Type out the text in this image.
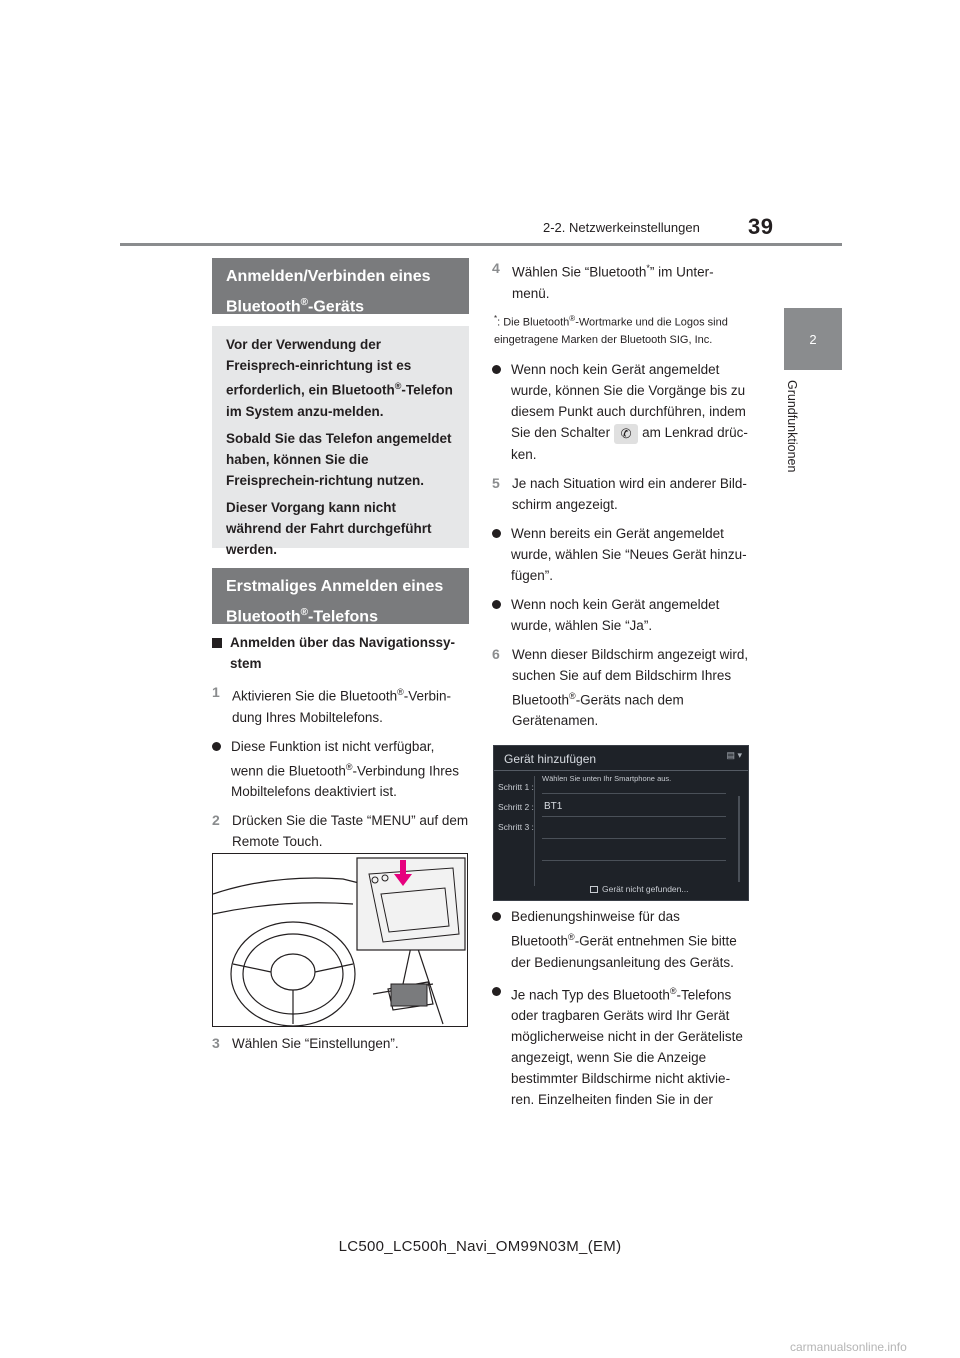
2-2. Netzwerkeinstellungen 39
2
Grundfunktionen
Anmelden/Verbinden eines
Bluetooth®-Geräts

Vor der Verwendung der Freisprech-einrichtung ist es erforderlich, ein Bluetooth®-Telefon im System anzu-melden.

Sobald Sie das Telefon angemeldet haben, können Sie die Freisprechein-richtung nutzen.

Dieser Vorgang kann nicht während der Fahrt durchgeführt werden.

Erstmaliges Anmelden eines
Bluetooth®-Telefons
Anmelden über das Navigationssy-stem
1 Aktivieren Sie die Bluetooth®-Verbin-dung Ihres Mobiltelefons.
Diese Funktion ist nicht verfügbar, wenn die Bluetooth®-Verbindung Ihres Mobiltelefons deaktiviert ist.
2 Drücken Sie die Taste “MENU” auf dem Remote Touch.
3 Wählen Sie “Einstellungen”.
4 Wählen Sie “Bluetooth*” im Unter-menü.
*: Die Bluetooth®-Wortmarke und die Logos sind eingetragene Marken der Bluetooth SIG, Inc.
Wenn noch kein Gerät angemeldet wurde, können Sie die Vorgänge bis zu diesem Punkt auch durchführen, indem Sie den Schalter ✆ am Lenkrad drüc-ken.
5 Je nach Situation wird ein anderer Bild-schirm angezeigt.
Wenn bereits ein Gerät angemeldet wurde, wählen Sie “Neues Gerät hinzu-fügen”.
Wenn noch kein Gerät angemeldet wurde, wählen Sie “Ja”.
6 Wenn dieser Bildschirm angezeigt wird, suchen Sie auf dem Bildschirm Ihres Bluetooth®-Geräts nach dem Gerätenamen.
Gerät hinzufügen	▤ ▾
Schritt 1 :
Schritt 2 :
Schritt 3 :
Wählen Sie unten Ihr Smartphone aus.
BT1
Gerät nicht gefunden...
Bedienungshinweise für das Bluetooth®-Gerät entnehmen Sie bitte der Bedienungsanleitung des Geräts.
Je nach Typ des Bluetooth®-Telefons oder tragbaren Geräts wird Ihr Gerät möglicherweise nicht in der Geräteliste angezeigt, wenn Sie die Anzeige bestimmter Bildschirme nicht aktivie-ren. Einzelheiten finden Sie in der
LC500_LC500h_Navi_OM99N03M_(EM)
carmanualsonline.info
